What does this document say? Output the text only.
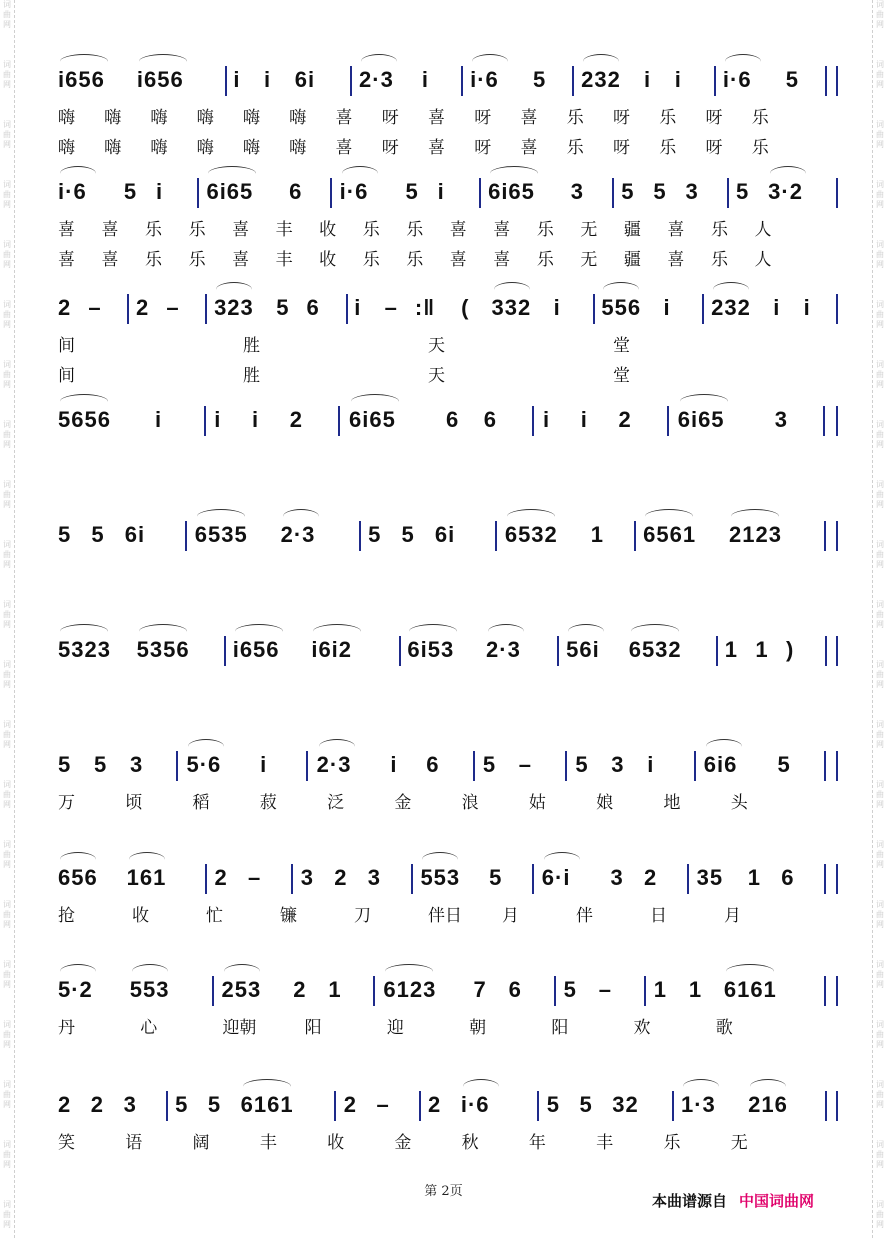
词
曲
网
词
曲
网
词
曲
网
词
曲
网
词
曲
网
词
曲
网
词
曲
网
词
曲
网
词
曲
网
词
曲
网
词
曲
网
词
曲
网
词
曲
网
词
曲
网
词
曲
网
词
曲
网
词
曲
网
词
曲
网
词
曲
网
词
曲
网
词
曲
网
词
曲
网
词
曲
网
词
曲
网
词
曲
网
词
曲
网
词
曲
网
词
曲
网
词
曲
网
词
曲
网
词
曲
网
词
曲
网
词
曲
网
词
曲
网
词
曲
网
词
曲
网
词
曲
网
词
曲
网
词
曲
网
词
曲
网
词
曲
网
词
曲
网
i656 i656 i i 6i 2·3 i i·6 5 232 i i i·6 5
嗨 嗨 嗨 嗨 嗨 嗨 喜 呀 喜 呀 喜 乐 呀 乐 呀 乐
嗨 嗨 嗨 嗨 嗨 嗨 喜 呀 喜 呀 喜 乐 呀 乐 呀 乐
i·6 5 i 6i65 6 i·6 5 i 6i65 3 5 5 3 5 3·2
喜 喜 乐 乐 喜 丰 收 乐 乐 喜 喜 乐 无 疆 喜 乐 人
喜 喜 乐 乐 喜 丰 收 乐 乐 喜 喜 乐 无 疆 喜 乐 人
2 – 2 – 323 5 6 i – :‖ ( 332 i 556 i 232 i i
间	胜	天	堂
间	胜	天	堂
5656 i i i 2 6i65 6 6 i i 2 6i65 3
5 5 6i 6535 2·3 5 5 6i 6532 1 6561 2123
5323 5356 i656 i6i2	6i53 2·3 56i 6532 1 1 )
5 5 3 5·6 i 2·3 i 6 5 – 5 3 i 6i6 5
万	顷	稻	菽	泛	金	浪	姑	娘	地	头
656 161 2 – 3 2 3 553 5 6·i 3 2 35 1 6
抢	收	忙	镰	刀	伴日 月	伴	日	月
5·2 553 253 2 1 6123 7 6 5 – 1 1 6161
丹	心	迎朝	阳	迎	朝	阳	欢	歌
2 2 3 5 5 6161 2 – 2 i·6	5 5 32 1·3 216
笑	语	阔	丰	收	金	秋	年	丰	乐	无
第 2页
本曲谱源自 中国词曲网
